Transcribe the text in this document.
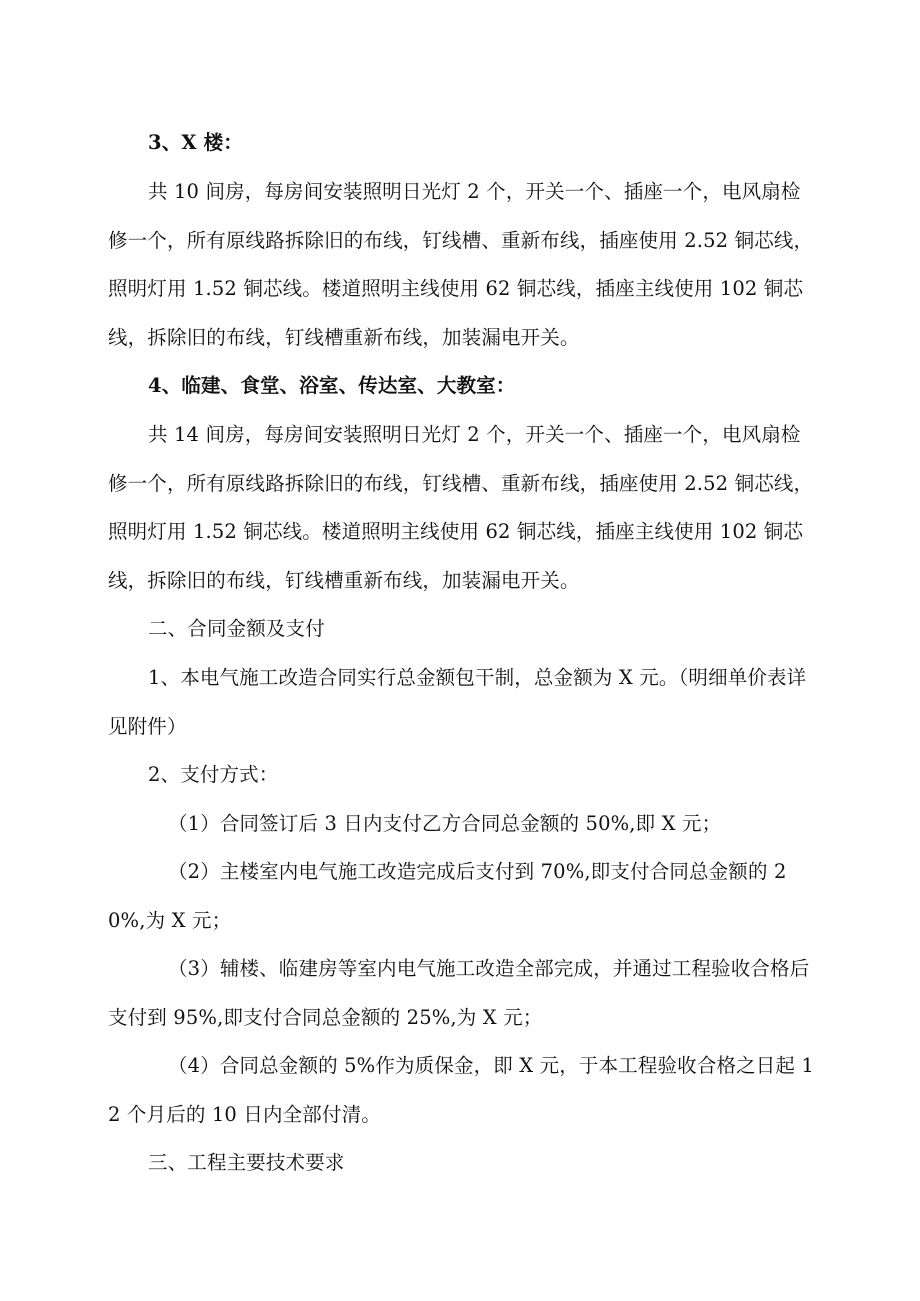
3、X 楼：

共 10 间房，每房间安装照明日光灯 2 个，开关一个、插座一个，电风扇检修一个，所有原线路拆除旧的布线，钉线槽、重新布线，插座使用 2.52 铜芯线，照明灯用 1.52 铜芯线。楼道照明主线使用 62 铜芯线，插座主线使用 102 铜芯线，拆除旧的布线，钉线槽重新布线，加装漏电开关。

4、临建、食堂、浴室、传达室、大教室：

共 14 间房，每房间安装照明日光灯 2 个，开关一个、插座一个，电风扇检修一个，所有原线路拆除旧的布线，钉线槽、重新布线，插座使用 2.52 铜芯线，照明灯用 1.52 铜芯线。楼道照明主线使用 62 铜芯线，插座主线使用 102 铜芯线，拆除旧的布线，钉线槽重新布线，加装漏电开关。

二、合同金额及支付

1、本电气施工改造合同实行总金额包干制，总金额为 X 元。（明细单价表详见附件）

2、支付方式：

（1）合同签订后 3 日内支付乙方合同总金额的 50%,即 X 元；

（2）主楼室内电气施工改造完成后支付到 70%,即支付合同总金额的 20%,为 X 元；

（3）辅楼、临建房等室内电气施工改造全部完成，并通过工程验收合格后支付到 95%,即支付合同总金额的 25%,为 X 元；

（4）合同总金额的 5%作为质保金，即 X 元，于本工程验收合格之日起 12 个月后的 10 日内全部付清。

三、工程主要技术要求
